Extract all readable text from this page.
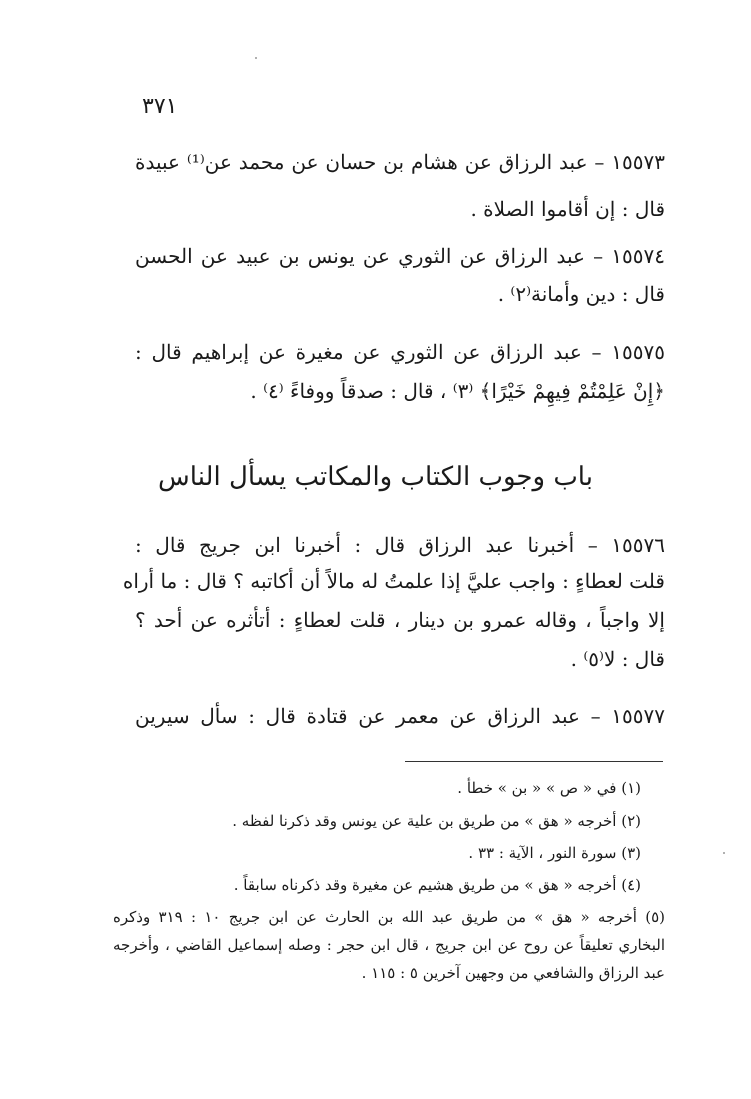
٣٧١
١٥٥٧٣ – عبد الرزاق عن هشام بن حسان عن محمد عن⁽¹⁾ عبيدة
قال : إن أقاموا الصلاة .
١٥٥٧٤ – عبد الرزاق عن الثوري عن يونس بن عبيد عن الحسن
قال : دين وأمانة⁽٢⁾ .
١٥٥٧٥ – عبد الرزاق عن الثوري عن مغيرة عن إبراهيم قال :
﴿إِنْ عَلِمْتُمْ فِيهِمْ خَيْرًا﴾ ⁽٣⁾ ، قال : صدقاً ووفاءً ⁽٤⁾ .
باب وجوب الكتاب والمكاتب يسأل الناس
١٥٥٧٦ – أخبرنا عبد الرزاق قال : أخبرنا ابن جريج قال :
قلت لعطاءٍ : واجب عليَّ إذا علمتُ له مالاً أن أكاتبه ؟ قال : ما أراه
إلا واجباً ، وقاله عمرو بن دينار ، قلت لعطاءٍ : أتأثره عن أحد ؟
قال : لا⁽٥⁾ .
١٥٥٧٧ – عبد الرزاق عن معمر عن قتادة قال : سأل سيرين
(١) في « ص » « بن » خطأ .
(٢) أخرجه « هق » من طريق بن علية عن يونس وقد ذكرنا لفظه .
(٣) سورة النور ، الآية : ٣٣ .
(٤) أخرجه « هق » من طريق هشيم عن مغيرة وقد ذكرناه سابقاً .
(٥) أخرجه « هق » من طريق عبد الله بن الحارث عن ابن جريج ١٠ : ٣١٩ وذكره
البخاري تعليقاً عن روح عن ابن جريج ، قال ابن حجر : وصله إسماعيل القاضي ، وأخرجه
عبد الرزاق والشافعي من وجهين آخرين ٥ : ١١٥ .
